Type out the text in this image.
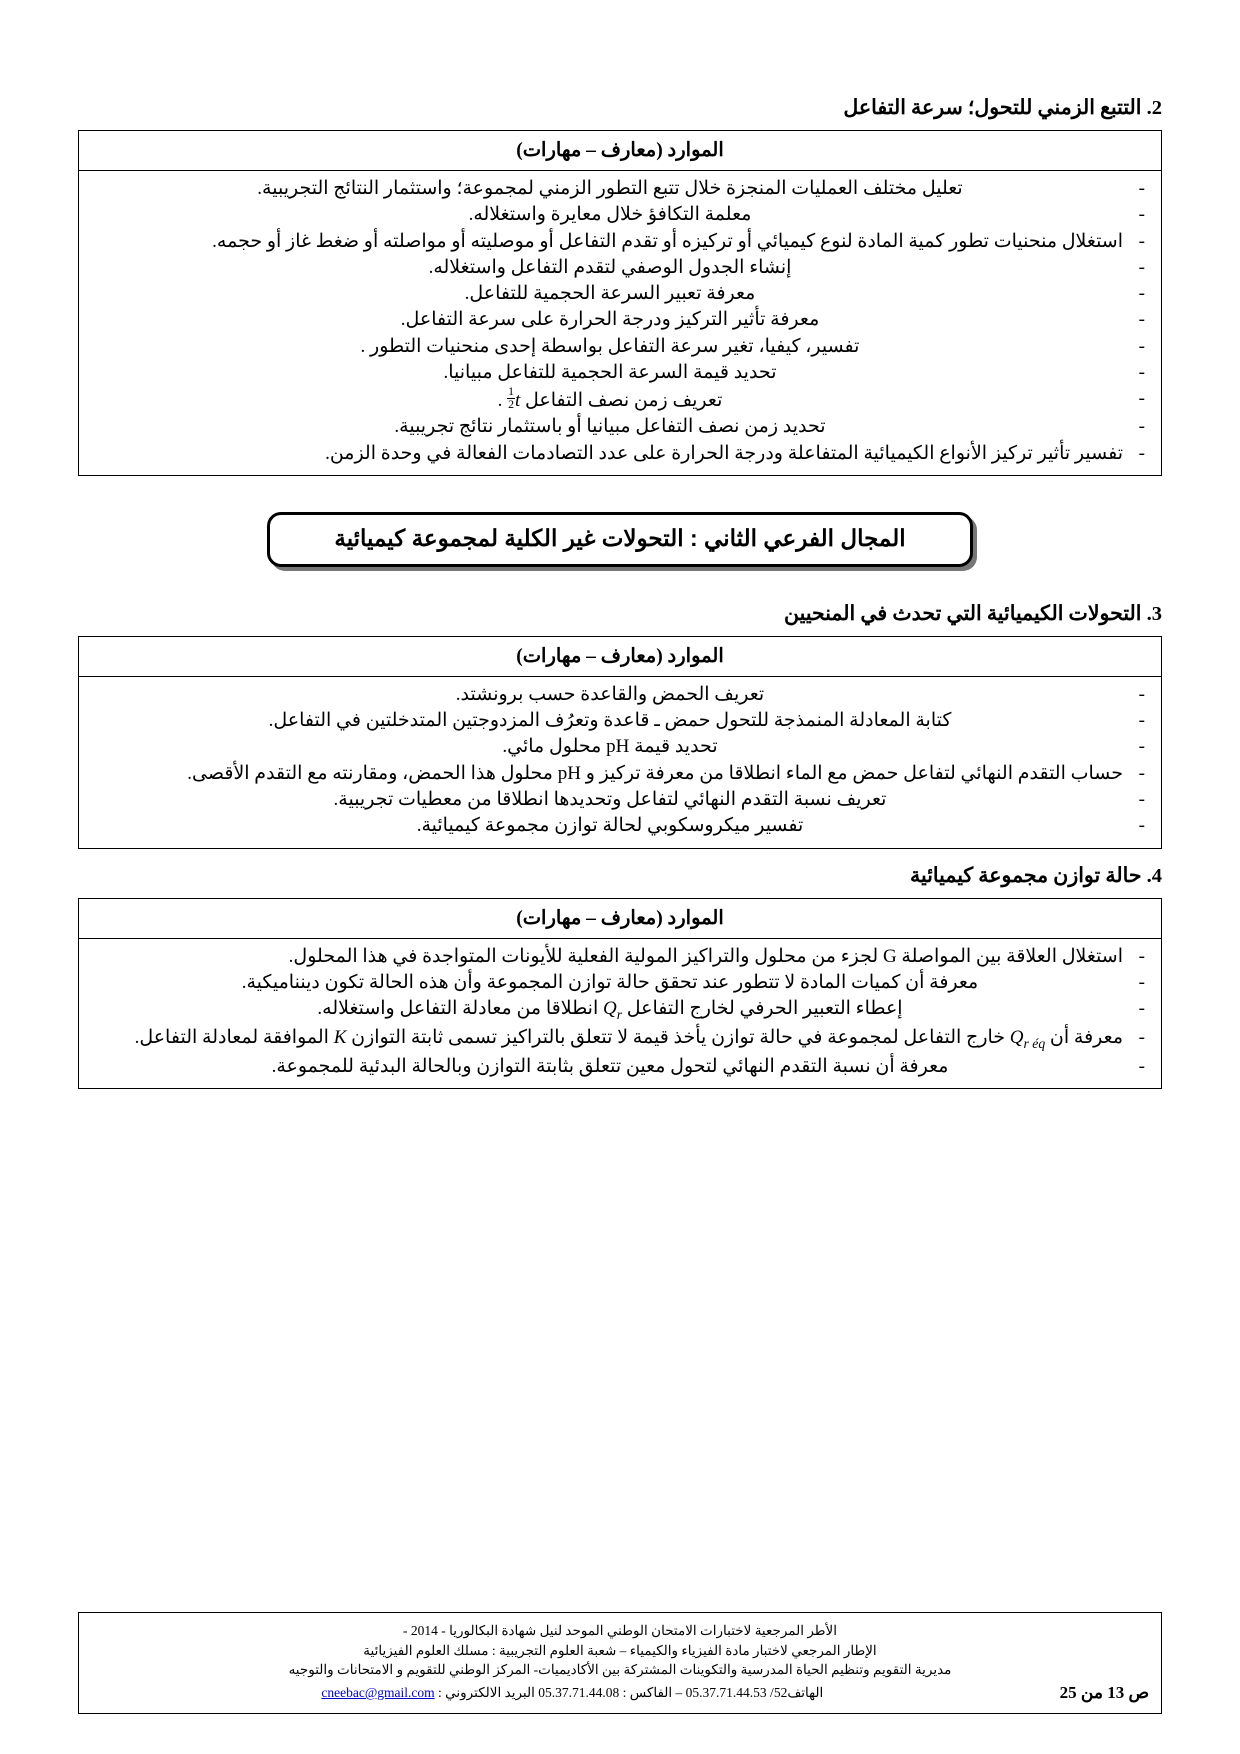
2. التتبع الزمني للتحول؛ سرعة التفاعل
الموارد (معارف – مهارات)

- تعليل مختلف العمليات المنجزة خلال تتبع التطور الزمني لمجموعة؛ واستثمار النتائج التجريبية.
- معلمة التكافؤ خلال معايرة واستغلاله.
- استغلال منحنيات تطور كمية المادة لنوع كيميائي أو تركيزه أو تقدم التفاعل أو موصليته أو مواصلته أو ضغط غاز أو حجمه.
- إنشاء الجدول الوصفي لتقدم التفاعل واستغلاله.
- معرفة تعبير السرعة الحجمية للتفاعل.
- معرفة تأثير التركيز ودرجة الحرارة على سرعة التفاعل.
- تفسير، كيفيا، تغير سرعة التفاعل بواسطة إحدى منحنيات التطور .
- تحديد قيمة السرعة الحجمية للتفاعل مبيانيا.
- تعريف زمن نصف التفاعل t
$\frac{1}{2}$
.
- تحديد زمن نصف التفاعل مبيانيا أو باستثمار نتائج تجريبية.
- تفسير تأثير تركيز الأنواع الكيميائية المتفاعلة ودرجة الحرارة على عدد التصادمات الفعالة في وحدة الزمن.
المجال الفرعي الثاني : التحولات غير الكلية لمجموعة كيميائية
3. التحولات الكيميائية التي تحدث في المنحيين
الموارد (معارف – مهارات)

- تعريف الحمض والقاعدة حسب برونشتد.
- كتابة المعادلة المنمذجة للتحول حمض ـ قاعدة وتعرُف المزدوجتين المتدخلتين في التفاعل.
- تحديد قيمة pH محلول مائي.
- حساب التقدم النهائي لتفاعل حمض مع الماء انطلاقا من معرفة تركيز و pH محلول هذا الحمض، ومقارنته مع التقدم الأقصى.
- تعريف نسبة التقدم النهائي لتفاعل وتحديدها انطلاقا من معطيات تجريبية.
- تفسير ميكروسكوبي لحالة توازن مجموعة كيميائية.
4. حالة توازن مجموعة كيميائية
الموارد (معارف – مهارات)

- استغلال العلاقة بين المواصلة G لجزء من محلول والتراكيز المولية الفعلية للأيونات المتواجدة في هذا المحلول.
- معرفة أن كميات المادة لا تتطور عند تحقق حالة توازن المجموعة وأن هذه الحالة تكون دينناميكية.
- إعطاء التعبير الحرفي لخارج التفاعل $Q_r$ انطلاقا من معادلة التفاعل واستغلاله.
- معرفة أن $Q_{r éq}$ خارج التفاعل لمجموعة في حالة توازن يأخذ قيمة لا تتعلق بالتراكيز تسمى ثابتة التوازن K الموافقة لمعادلة التفاعل.
- معرفة أن نسبة التقدم النهائي لتحول معين تتعلق بثابتة التوازن وبالحالة البدئية للمجموعة.
الأطر المرجعية لاختبارات الامتحان الوطني الموحد لنيل شهادة البكالوريا - 2014 -
الإطار المرجعي لاختبار مادة الفيزياء والكيمياء – شعبة العلوم التجريبية : مسلك العلوم الفيزيائية
مديرية التقويم وتنظيم الحياة المدرسية والتكوينات المشتركة بين الأكاديميات- المركز الوطني للتقويم و الامتحانات والتوجيه
ص 13 من 25
الهاتف52/ 05.37.71.44.53 – الفاكس : 05.37.71.44.08 البريد الالكتروني : cneebac@gmail.com
